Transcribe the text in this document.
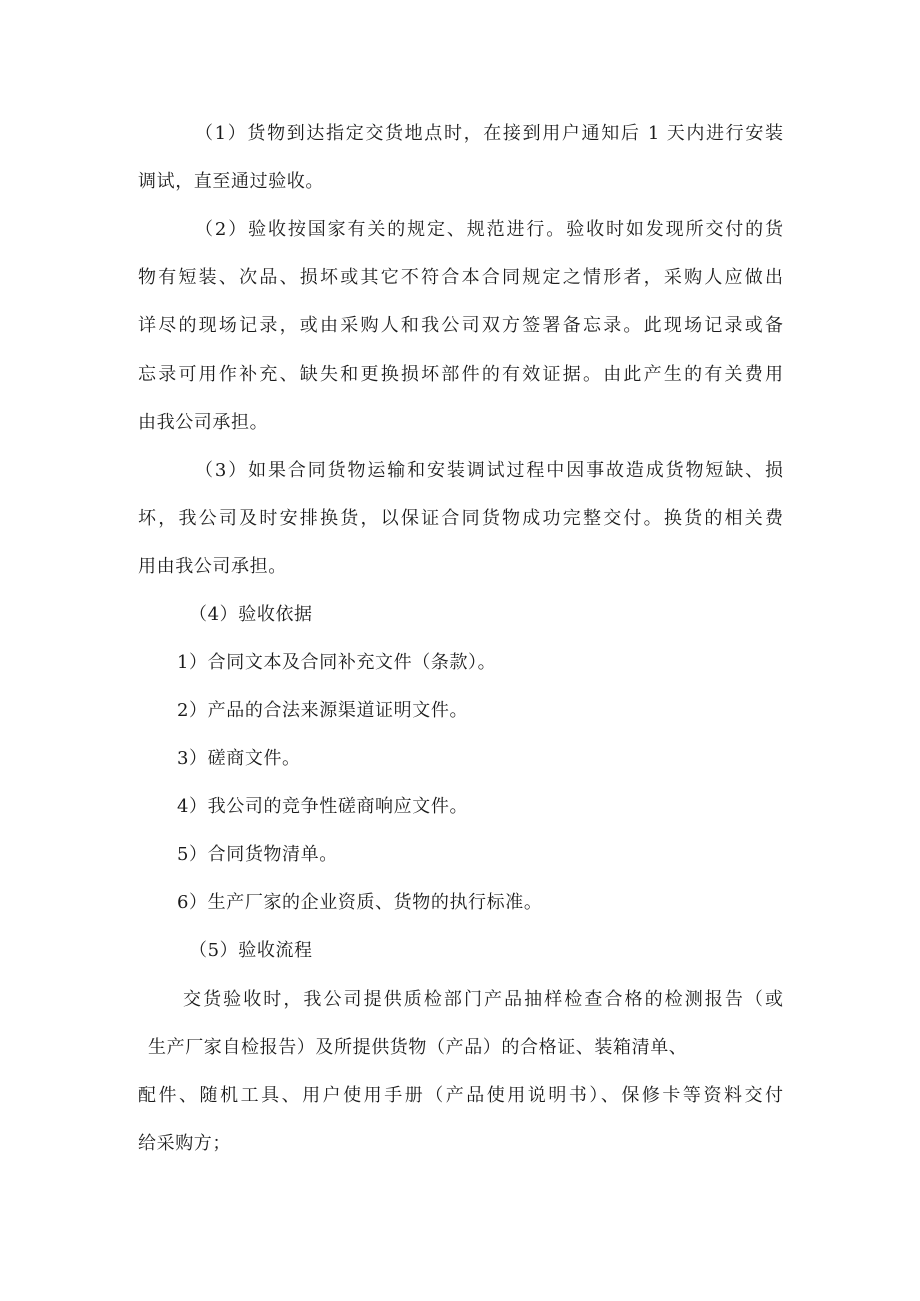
（1）货物到达指定交货地点时，在接到用户通知后 1 天内进行安装
调试，直至通过验收。
（2）验收按国家有关的规定、规范进行。验收时如发现所交付的货
物有短装、次品、损坏或其它不符合本合同规定之情形者，采购人应做出
详尽的现场记录，或由采购人和我公司双方签署备忘录。此现场记录或备
忘录可用作补充、缺失和更换损坏部件的有效证据。由此产生的有关费用
由我公司承担。
（3）如果合同货物运输和安装调试过程中因事故造成货物短缺、损
坏，我公司及时安排换货，以保证合同货物成功完整交付。换货的相关费
用由我公司承担。
（4）验收依据
1）合同文本及合同补充文件（条款）。
2）产品的合法来源渠道证明文件。
3）磋商文件。
4）我公司的竞争性磋商响应文件。
5）合同货物清单。
6）生产厂家的企业资质、货物的执行标准。
（5）验收流程
交货验收时，我公司提供质检部门产品抽样检查合格的检测报告（或
生产厂家自检报告）及所提供货物（产品）的合格证、装箱清单、
配件、随机工具、用户使用手册（产品使用说明书）、保修卡等资料交付
给采购方；
